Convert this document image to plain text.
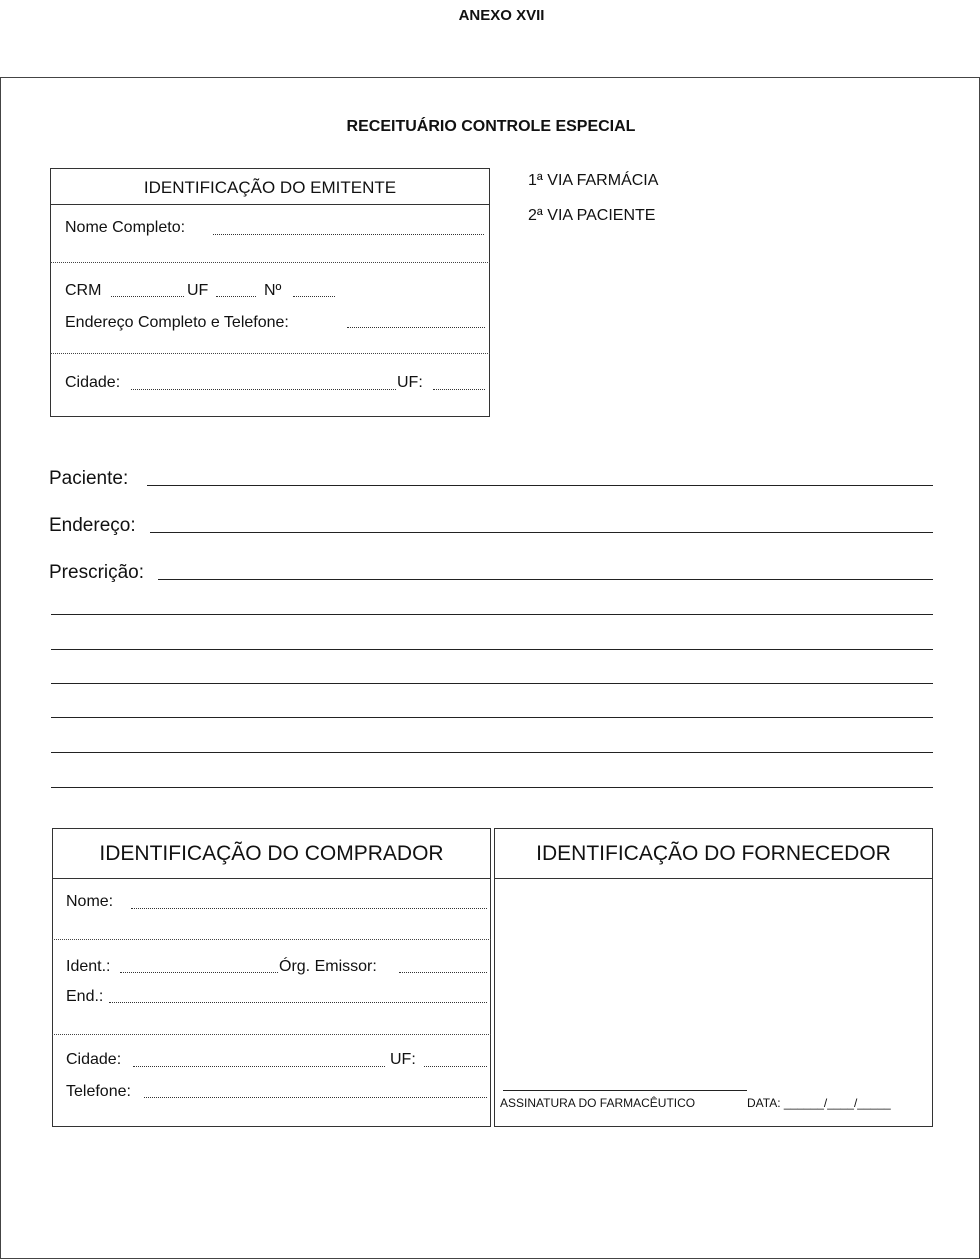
ANEXO XVII
RECEITUÁRIO CONTROLE ESPECIAL
1ª VIA FARMÁCIA
2ª VIA PACIENTE
IDENTIFICAÇÃO DO EMITENTE
Nome Completo:
CRM	UF	Nº
Endereço Completo e Telefone:
Cidade:	UF:
Paciente:
Endereço:
Prescrição:
IDENTIFICAÇÃO DO COMPRADOR
Nome:
Ident.:	Órg. Emissor:
End.:
Cidade:	UF:
Telefone:
IDENTIFICAÇÃO DO FORNECEDOR
ASSINATURA DO FARMACÊUTICO	DATA: ______/____/_____
